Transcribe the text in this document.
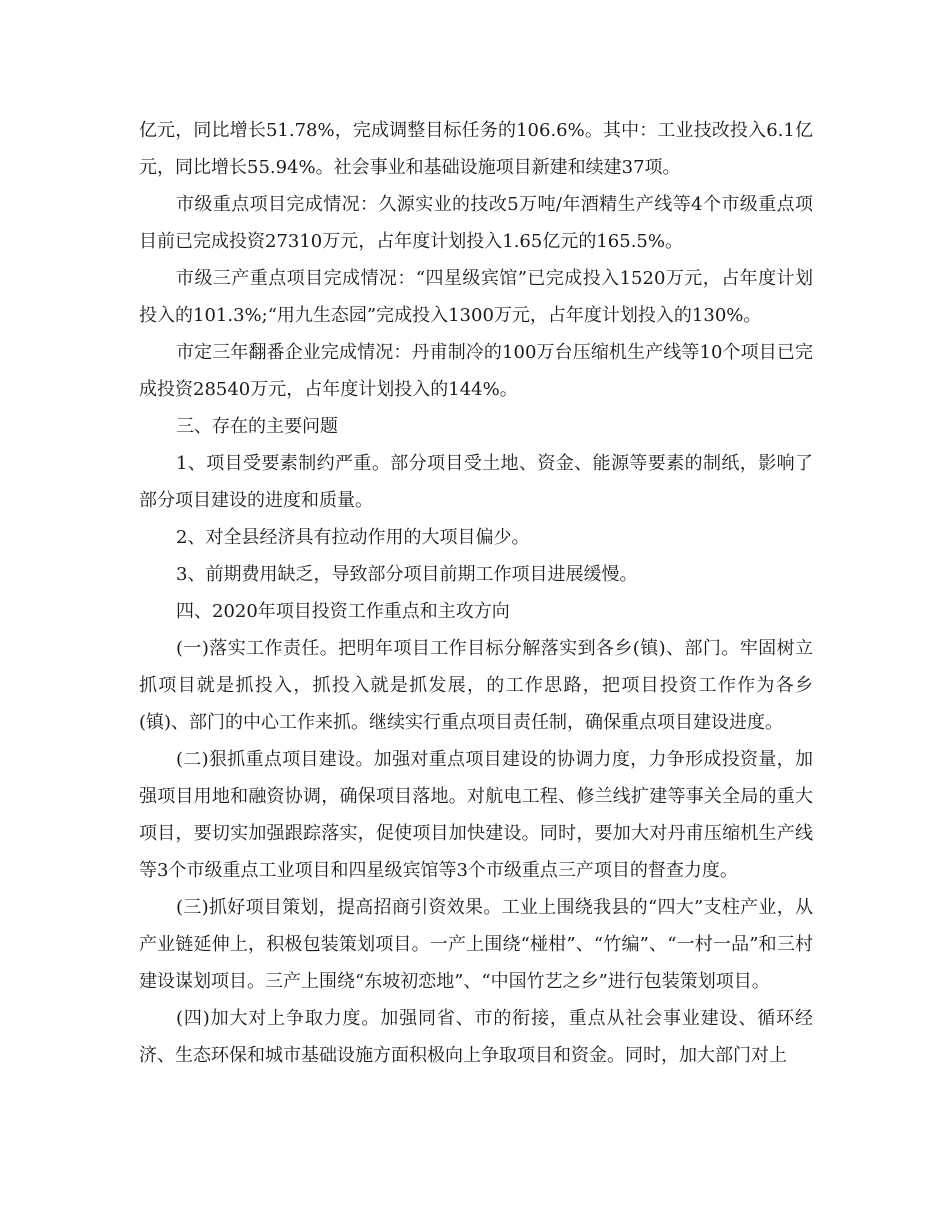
亿元，同比增长51.78%，完成调整目标任务的106.6%。其中：工业技改投入6.1亿元，同比增长55.94%。社会事业和基础设施项目新建和续建37项。

市级重点项目完成情况：久源实业的技改5万吨/年酒精生产线等4个市级重点项目前已完成投资27310万元，占年度计划投入1.65亿元的165.5%。

市级三产重点项目完成情况：“四星级宾馆”已完成投入1520万元，占年度计划投入的101.3%;“用九生态园”完成投入1300万元，占年度计划投入的130%。

市定三年翻番企业完成情况：丹甫制冷的100万台压缩机生产线等10个项目已完成投资28540万元，占年度计划投入的144%。

三、存在的主要问题

1、项目受要素制约严重。部分项目受土地、资金、能源等要素的制纸，影响了部分项目建设的进度和质量。

2、对全县经济具有拉动作用的大项目偏少。

3、前期费用缺乏，导致部分项目前期工作项目进展缓慢。

四、2020年项目投资工作重点和主攻方向

(一)落实工作责任。把明年项目工作目标分解落实到各乡(镇)、部门。牢固树立抓项目就是抓投入，抓投入就是抓发展，的工作思路，把项目投资工作作为各乡(镇)、部门的中心工作来抓。继续实行重点项目责任制，确保重点项目建设进度。

(二)狠抓重点项目建设。加强对重点项目建设的协调力度，力争形成投资量，加强项目用地和融资协调，确保项目落地。对航电工程、修兰线扩建等事关全局的重大项目，要切实加强跟踪落实，促使项目加快建设。同时，要加大对丹甫压缩机生产线等3个市级重点工业项目和四星级宾馆等3个市级重点三产项目的督查力度。

(三)抓好项目策划，提高招商引资效果。工业上围绕我县的“四大”支柱产业，从产业链延伸上，积极包装策划项目。一产上围绕“椪柑”、“竹编”、“一村一品”和三村建设谋划项目。三产上围绕“东坡初恋地”、“中国竹艺之乡”进行包装策划项目。

(四)加大对上争取力度。加强同省、市的衔接，重点从社会事业建设、循环经济、生态环保和城市基础设施方面积极向上争取项目和资金。同时，加大部门对上
